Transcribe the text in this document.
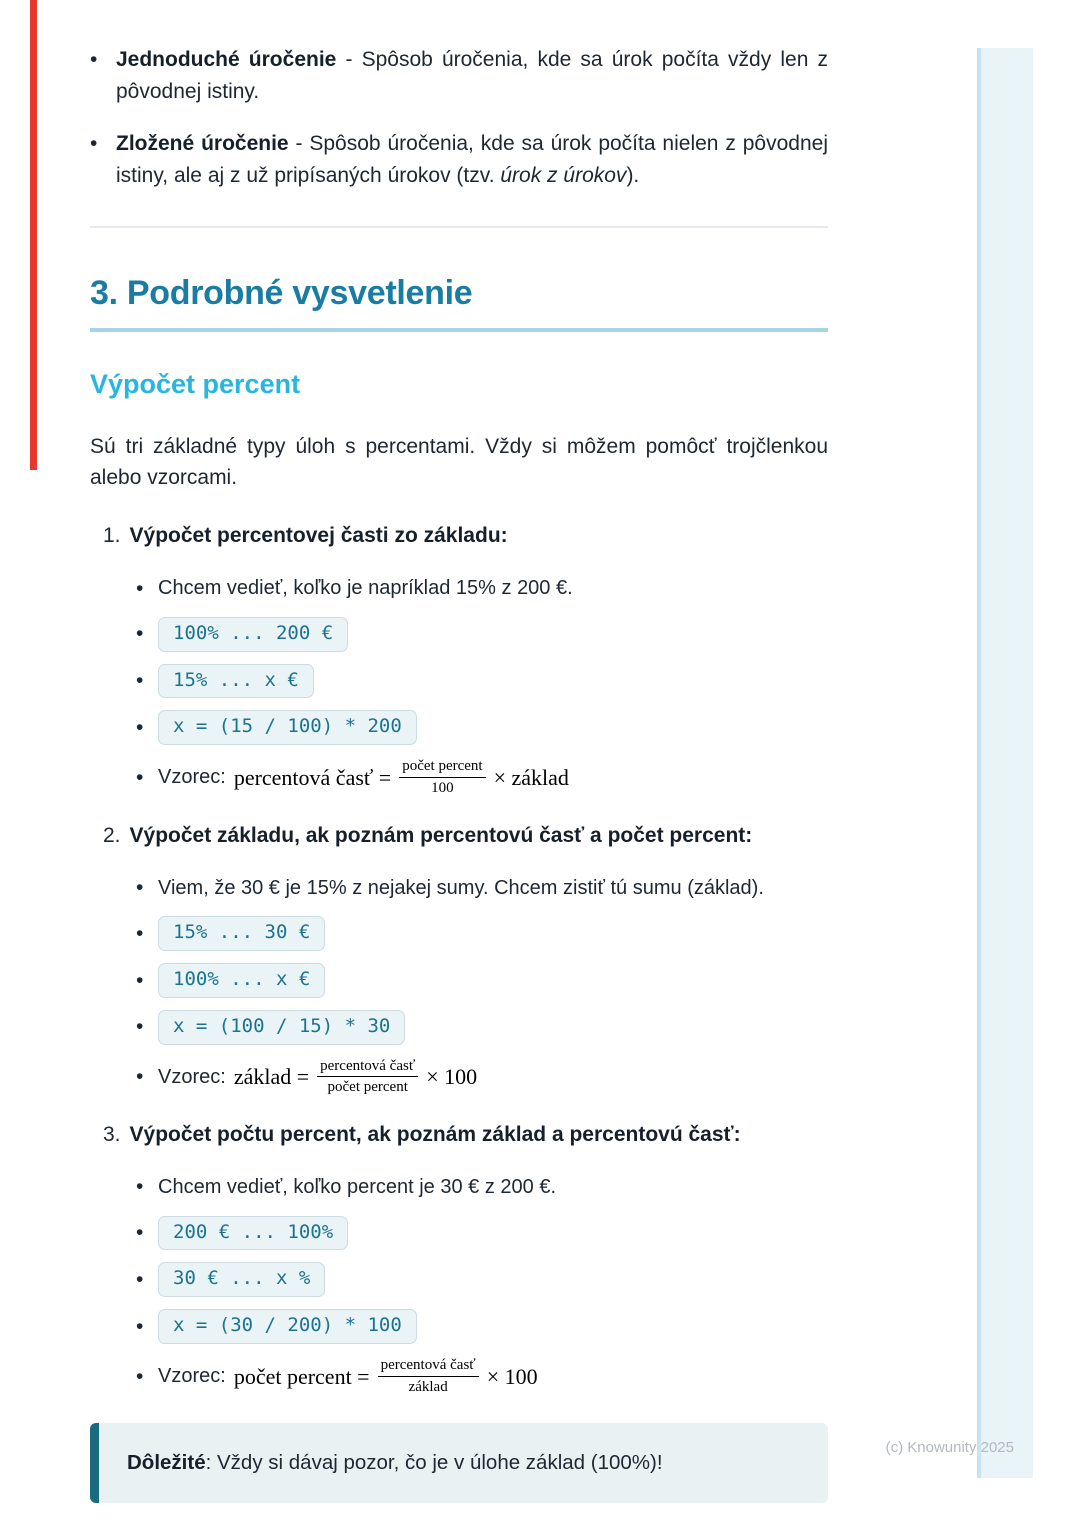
(c) Knowunity 2025
•
Jednoduché úročenie - Spôsob úročenia, kde sa úrok počíta vždy len z pôvodnej istiny.
•
Zložené úročenie - Spôsob úročenia, kde sa úrok počíta nielen z pôvodnej istiny, ale aj z už pripísaných úrokov (tzv. úrok z úrokov).
3. Podrobné vysvetlenie
Výpočet percent

Sú tri základné typy úloh s percentami. Vždy si môžem pomôcť trojčlenkou alebo vzorcami.

1. Výpočet percentovej časti zo základu:
•
Chcem vedieť, koľko je napríklad 15% z 200 €.
•
100% ... 200 €
•
15% ... x €
•
x = (15 / 100) * 200
•
Vzorec: percentová časť = $\frac{\text{počet percent}}{100}$ × základ
2. Výpočet základu, ak poznám percentovú časť a počet percent:
•
Viem, že 30 € je 15% z nejakej sumy. Chcem zistiť tú sumu (základ).
•
15% ... 30 €
•
100% ... x €
•
x = (100 / 15) * 30
•
Vzorec: základ = $\frac{\text{percentová časť}}{\text{počet percent}} \times 100$
3. Výpočet počtu percent, ak poznám základ a percentovú časť:
•
Chcem vedieť, koľko percent je 30 € z 200 €.
•
200 € ... 100%
•
30 € ... x %
•
x = (30 / 200) * 100
•
Vzorec: počet percent = $\frac{\text{percentová časť}}{\text{základ}} \times 100$
Dôležité: Vždy si dávaj pozor, čo je v úlohe základ (100%)!
